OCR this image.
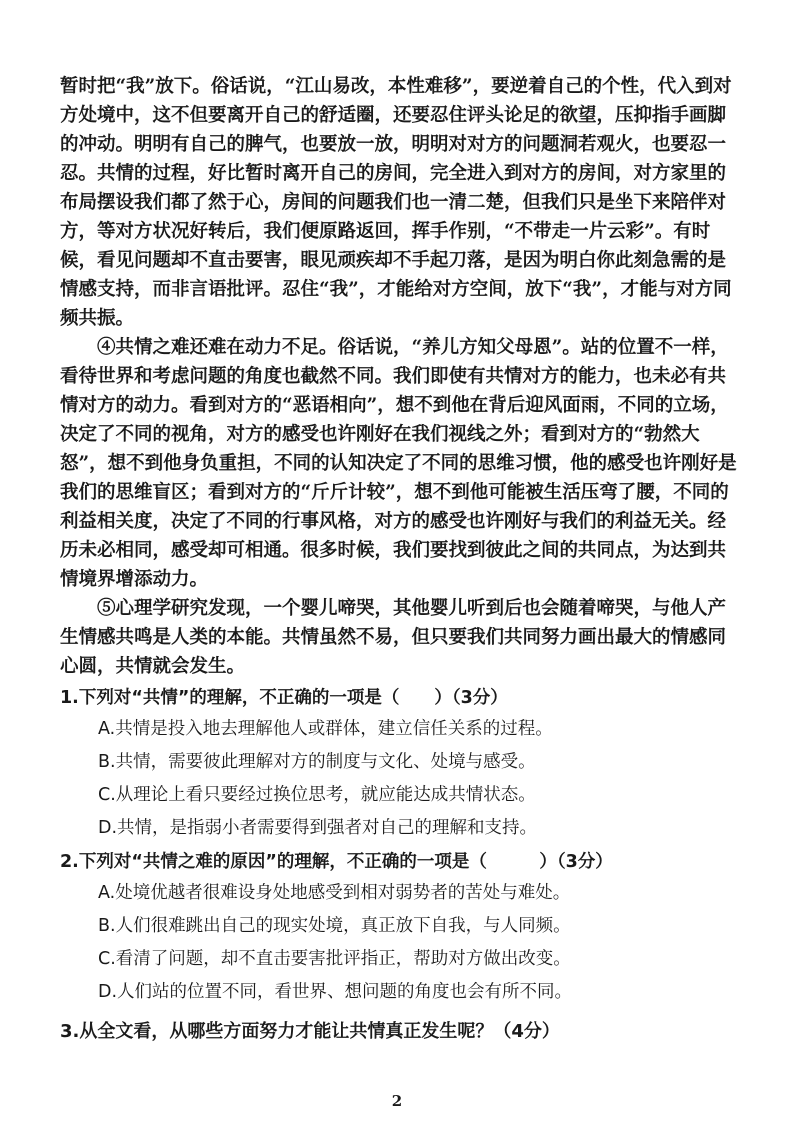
暂时把“我”放下。俗话说，“江山易改，本性难移”，要逆着自己的个性，代入到对方处境中，这不但要离开自己的舒适圈，还要忍住评头论足的欲望，压抑指手画脚的冲动。明明有自己的脾气，也要放一放，明明对对方的问题洞若观火，也要忍一忍。共情的过程，好比暂时离开自己的房间，完全进入到对方的房间，对方家里的布局摆设我们都了然于心，房间的问题我们也一清二楚，但我们只是坐下来陪伴对方，等对方状况好转后，我们便原路返回，挥手作别，“不带走一片云彩”。有时候，看见问题却不直击要害，眼见顽疾却不手起刀落，是因为明白你此刻急需的是情感支持，而非言语批评。忍住“我”，才能给对方空间，放下“我”，才能与对方同频共振。

④共情之难还难在动力不足。俗话说，“养儿方知父母恩”。站的位置不一样，看待世界和考虑问题的角度也截然不同。我们即使有共情对方的能力，也未必有共情对方的动力。看到对方的“恶语相向”，想不到他在背后迎风面雨，不同的立场，决定了不同的视角，对方的感受也许刚好在我们视线之外；看到对方的“勃然大怒”，想不到他身负重担，不同的认知决定了不同的思维习惯，他的感受也许刚好是我们的思维盲区；看到对方的“斤斤计较”，想不到他可能被生活压弯了腰，不同的利益相关度，决定了不同的行事风格，对方的感受也许刚好与我们的利益无关。经历未必相同，感受却可相通。很多时候，我们要找到彼此之间的共同点，为达到共情境界增添动力。

⑤心理学研究发现，一个婴儿啼哭，其他婴儿听到后也会随着啼哭，与他人产生情感共鸣是人类的本能。共情虽然不易，但只要我们共同努力画出最大的情感同心圆，共情就会发生。

1.下列对“共情”的理解，不正确的一项是（　　）（3分）

A.共情是投入地去理解他人或群体，建立信任关系的过程。

B.共情，需要彼此理解对方的制度与文化、处境与感受。

C.从理论上看只要经过换位思考，就应能达成共情状态。

D.共情，是指弱小者需要得到强者对自己的理解和支持。

2.下列对“共情之难的原因”的理解，不正确的一项是（　　　）（3分）

A.处境优越者很难设身处地感受到相对弱势者的苦处与难处。

B.人们很难跳出自己的现实处境，真正放下自我，与人同频。

C.看清了问题，却不直击要害批评指正，帮助对方做出改变。

D.人们站的位置不同，看世界、想问题的角度也会有所不同。

3.从全文看，从哪些方面努力才能让共情真正发生呢？（4分）

2
